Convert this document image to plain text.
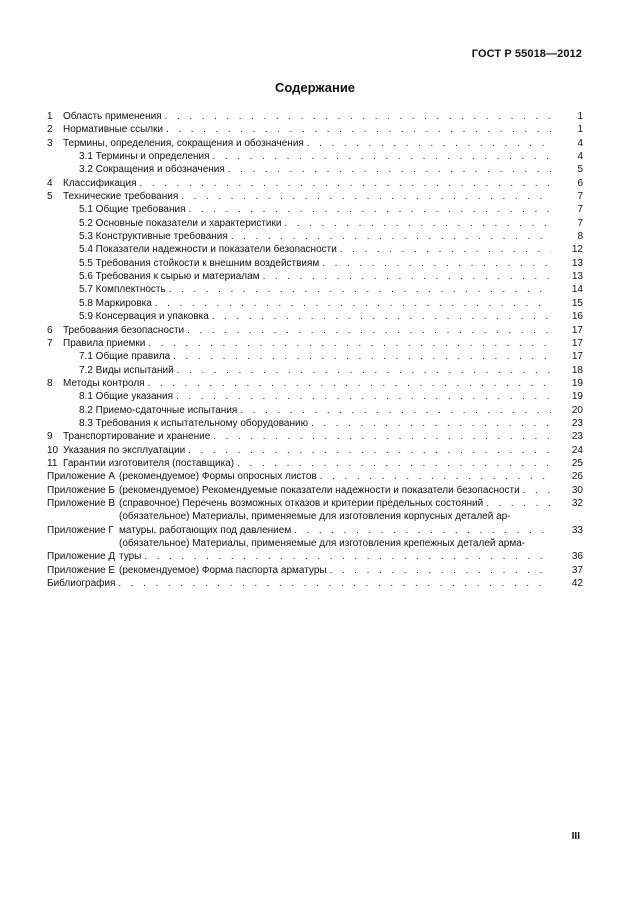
ГОСТ Р 55018—2012
Содержание
1	Область применения . . .	1
2	Нормативные ссылки . . .	1
3	Термины, определения, сокращения и обозначения . . .	4
3.1 Термины и определения . . .	4
3.2 Сокращения и обозначения . . .	5
4	Классификация . . .	6
5	Технические требования . . .	7
5.1 Общие требования . . .	7
5.2 Основные показатели и характеристики . . .	7
5.3 Конструктивные требования . . .	8
5.4 Показатели надежности и показатели безопасности . . .	12
5.5 Требования стойкости к внешним воздействиям . . .	13
5.6 Требования к сырью и материалам . . .	13
5.7 Комплектность . . .	14
5.8 Маркировка . . .	15
5.9 Консервация и упаковка . . .	16
6	Требования безопасности . . .	17
7	Правила приемки . . .	17
7.1 Общие правила . . .	17
7.2 Виды испытаний . . .	18
8	Методы контроля . . .	19
8.1 Общие указания . . .	19
8.2 Приемо-сдаточные испытания . . .	20
8.3 Требования к испытательному оборудованию . . .	23
9	Транспортирование и хранение . . .	23
10 Указания по эксплуатации . . .	24
11 Гарантии изготовителя (поставщика) . . .	25
Приложение А (рекомендуемое) Формы опросных листов . . .	26
Приложение Б (рекомендуемое) Рекомендуемые показатели надежности и показатели безопасности . . .	30
Приложение В (справочное) Перечень возможных отказов и критерии предельных состояний . . .	32
Приложение Г
(обязательное) Материалы, применяемые для изготовления корпусных деталей ар-
матуры, работающих под давлением . . .	33
Приложение Д
(обязательное) Материалы, применяемые для изготовления крепежных деталей арма-
туры . . .	36
Приложение Е (рекомендуемое) Форма паспорта арматуры . . .	37
Библиография . . .	42
III
